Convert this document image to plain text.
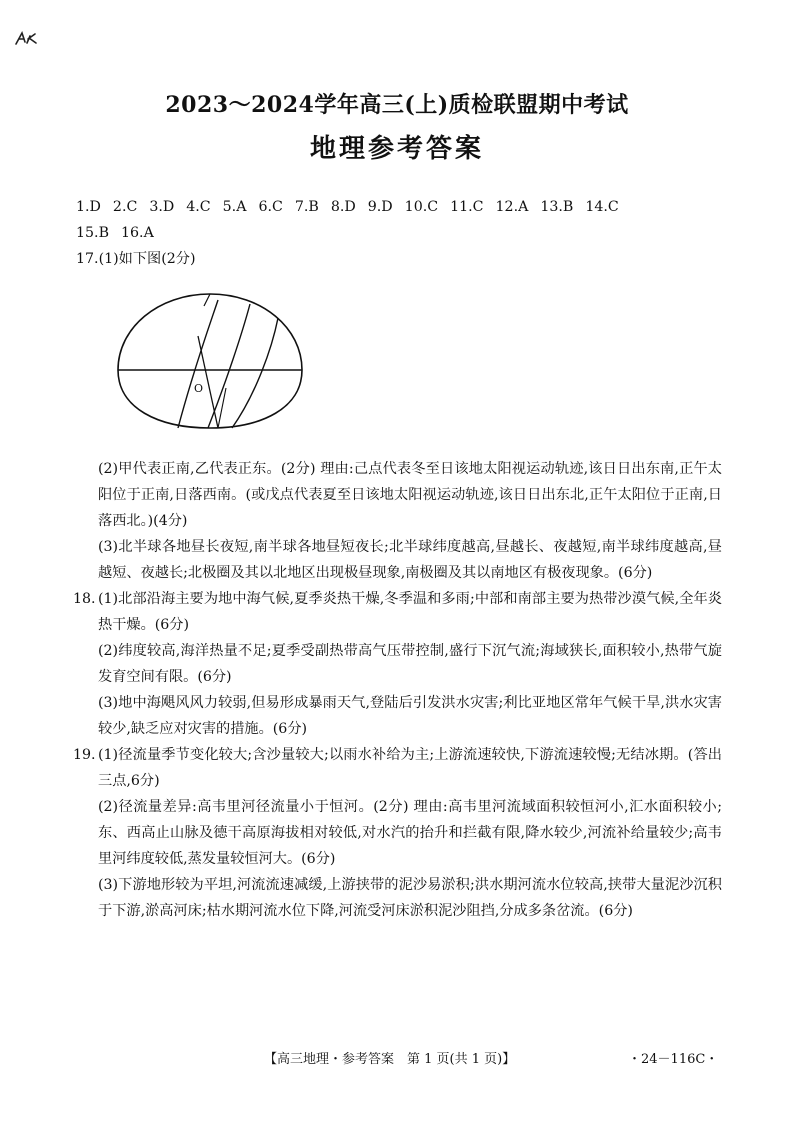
2023～2024学年高三(上)质检联盟期中考试
地理参考答案
1.D 2.C 3.D 4.C 5.A 6.C 7.B 8.D 9.D 10.C 11.C 12.A 13.B 14.C
15.B 16.A
17.(1)如下图(2分)
O
(2)甲代表正南,乙代表正东。(2分) 理由:己点代表冬至日该地太阳视运动轨迹,该日日出东南,正午太阳位于正南,日落西南。(或戊点代表夏至日该地太阳视运动轨迹,该日日出东北,正午太阳位于正南,日落西北。)(4分)
(3)北半球各地昼长夜短,南半球各地昼短夜长;北半球纬度越高,昼越长、夜越短,南半球纬度越高,昼越短、夜越长;北极圈及其以北地区出现极昼现象,南极圈及其以南地区有极夜现象。(6分)
18. (1)北部沿海主要为地中海气候,夏季炎热干燥,冬季温和多雨;中部和南部主要为热带沙漠气候,全年炎热干燥。(6分)
(2)纬度较高,海洋热量不足;夏季受副热带高气压带控制,盛行下沉气流;海域狭长,面积较小,热带气旋发育空间有限。(6分)
(3)地中海飓风风力较弱,但易形成暴雨天气,登陆后引发洪水灾害;利比亚地区常年气候干旱,洪水灾害较少,缺乏应对灾害的措施。(6分)
19. (1)径流量季节变化较大;含沙量较大;以雨水补给为主;上游流速较快,下游流速较慢;无结冰期。(答出三点,6分)
(2)径流量差异:高韦里河径流量小于恒河。(2分) 理由:高韦里河流域面积较恒河小,汇水面积较小;东、西高止山脉及德干高原海拔相对较低,对水汽的抬升和拦截有限,降水较少,河流补给量较少;高韦里河纬度较低,蒸发量较恒河大。(6分)
(3)下游地形较为平坦,河流流速减缓,上游挟带的泥沙易淤积;洪水期河流水位较高,挟带大量泥沙沉积于下游,淤高河床;枯水期河流水位下降,河流受河床淤积泥沙阻挡,分成多条岔流。(6分)
【高三地理・参考答案　第 1 页(共 1 页)】	・24－116C・
